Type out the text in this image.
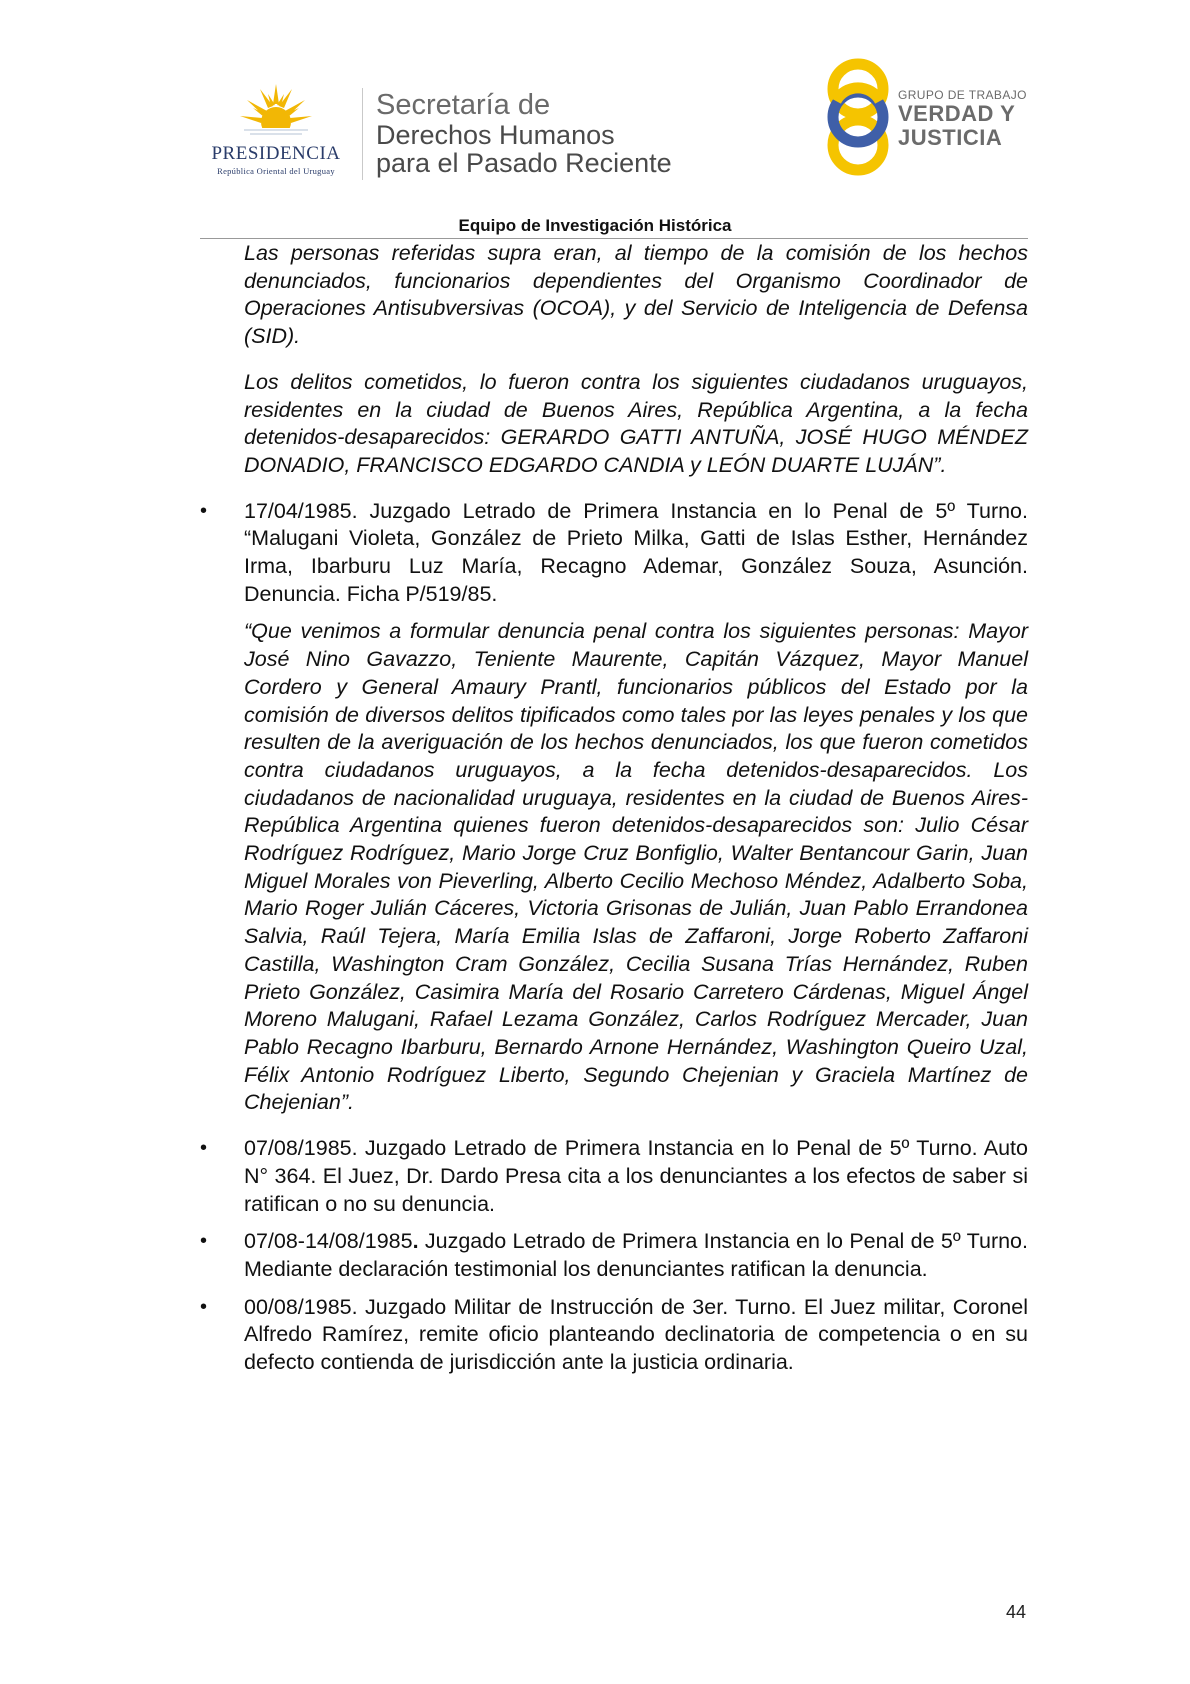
PRESIDENCIA
República Oriental del Uruguay
Secretaría de
Derechos Humanos
para el Pasado Reciente
GRUPO DE TRABAJO
VERDAD Y
JUSTICIA
Equipo de Investigación Histórica

Las personas referidas supra eran, al tiempo de la comisión de los hechos denunciados, funcionarios dependientes del Organismo Coordinador de Operaciones Antisubversivas (OCOA), y del Servicio de Inteligencia de Defensa (SID).

Los delitos cometidos, lo fueron contra los siguientes ciudadanos uruguayos, residentes en la ciudad de Buenos Aires, República Argentina, a la fecha detenidos-desaparecidos: GERARDO GATTI ANTUÑA, JOSÉ HUGO MÉNDEZ DONADIO, FRANCISCO EDGARDO CANDIA y LEÓN DUARTE LUJÁN”.

• 17/04/1985. Juzgado Letrado de Primera Instancia en lo Penal de 5º Turno. “Malugani Violeta, González de Prieto Milka, Gatti de Islas Esther, Hernández Irma, Ibarburu Luz María, Recagno Ademar, González Souza, Asunción. Denuncia. Ficha P/519/85.

“Que venimos a formular denuncia penal contra los siguientes personas: Mayor José Nino Gavazzo, Teniente Maurente, Capitán Vázquez, Mayor Manuel Cordero y General Amaury Prantl, funcionarios públicos del Estado por la comisión de diversos delitos tipificados como tales por las leyes penales y los que resulten de la averiguación de los hechos denunciados, los que fueron cometidos contra ciudadanos uruguayos, a la fecha detenidos-desaparecidos. Los ciudadanos de nacionalidad uruguaya, residentes en la ciudad de Buenos Aires-República Argentina quienes fueron detenidos-desaparecidos son: Julio César Rodríguez Rodríguez, Mario Jorge Cruz Bonfiglio, Walter Bentancour Garin, Juan Miguel Morales von Pieverling, Alberto Cecilio Mechoso Méndez, Adalberto Soba, Mario Roger Julián Cáceres, Victoria Grisonas de Julián, Juan Pablo Errandonea Salvia, Raúl Tejera, María Emilia Islas de Zaffaroni, Jorge Roberto Zaffaroni Castilla, Washington Cram González, Cecilia Susana Trías Hernández, Ruben Prieto González, Casimira María del Rosario Carretero Cárdenas, Miguel Ángel Moreno Malugani, Rafael Lezama González, Carlos Rodríguez Mercader, Juan Pablo Recagno Ibarburu, Bernardo Arnone Hernández, Washington Queiro Uzal, Félix Antonio Rodríguez Liberto, Segundo Chejenian y Graciela Martínez de Chejenian”.

• 07/08/1985. Juzgado Letrado de Primera Instancia en lo Penal de 5º Turno. Auto N° 364. El Juez, Dr. Dardo Presa cita a los denunciantes a los efectos de saber si ratifican o no su denuncia.

• 07/08-14/08/1985. Juzgado Letrado de Primera Instancia en lo Penal de 5º Turno. Mediante declaración testimonial los denunciantes ratifican la denuncia.

• 00/08/1985. Juzgado Militar de Instrucción de 3er. Turno. El Juez militar, Coronel Alfredo Ramírez, remite oficio planteando declinatoria de competencia o en su defecto contienda de jurisdicción ante la justicia ordinaria.

44
